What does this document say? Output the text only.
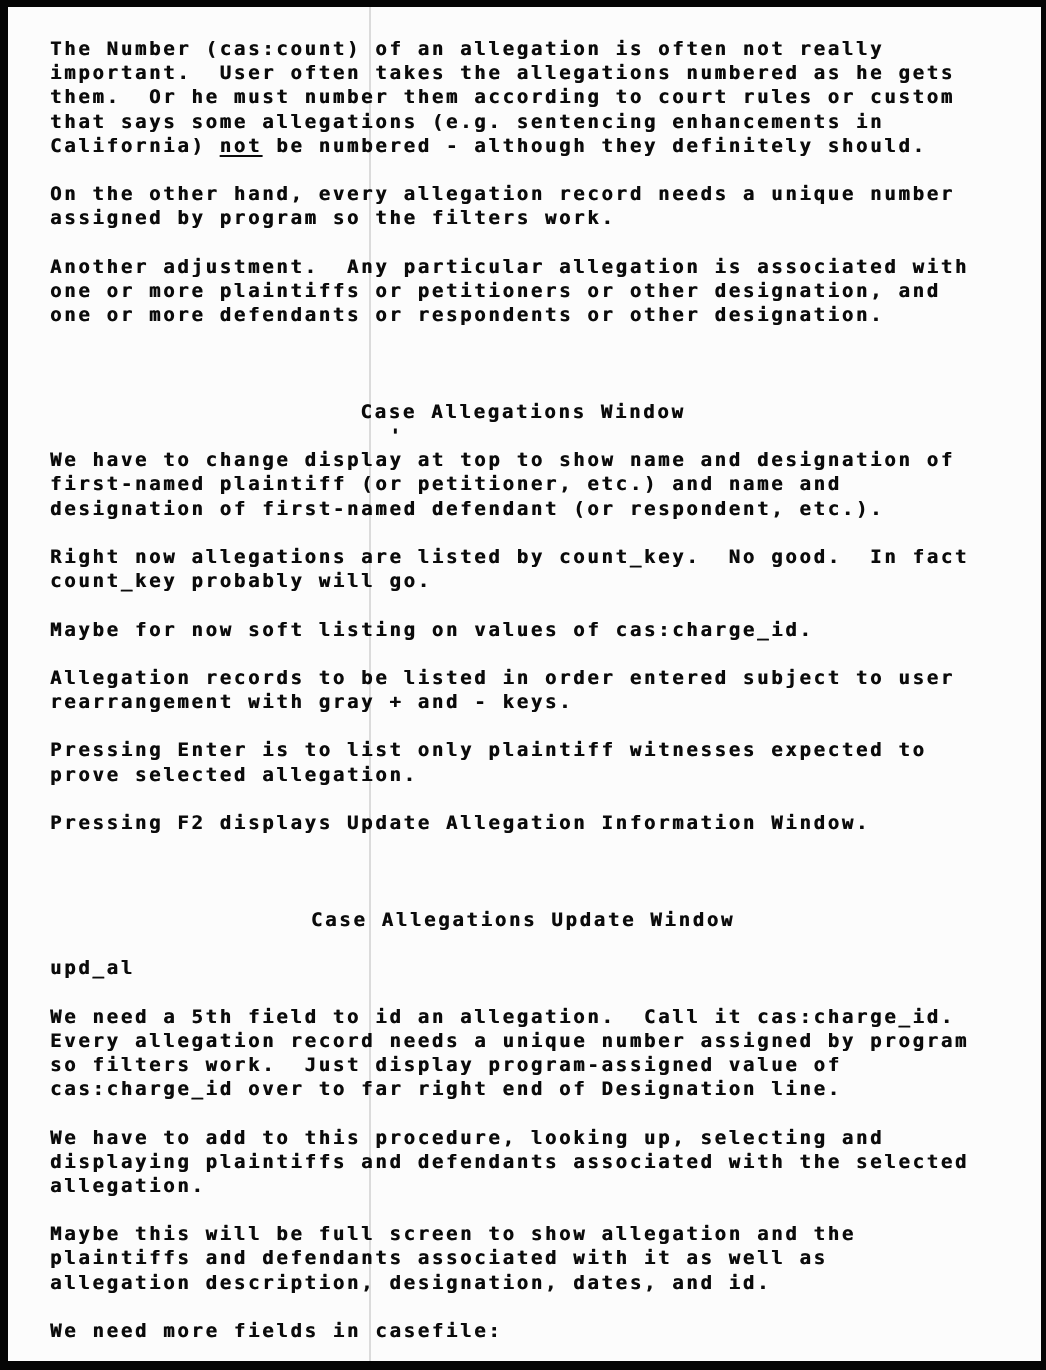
The Number (cas:count) of an allegation is often not really
important.  User often takes the allegations numbered as he gets
them.  Or he must number them according to court rules or custom
that says some allegations (e.g. sentencing enhancements in
California) not be numbered - although they definitely should.
On the other hand, every allegation record needs a unique number
assigned by program so the filters work.
Another adjustment.  Any particular allegation is associated with
one or more plaintiffs or petitioners or other designation, and
one or more defendants or respondents or other designation.
Case Allegations Window
'
We have to change display at top to show name and designation of
first-named plaintiff (or petitioner, etc.) and name and
designation of first-named defendant (or respondent, etc.).
Right now allegations are listed by count_key.  No good.  In fact
count_key probably will go.
Maybe for now soft listing on values of cas:charge_id.
Allegation records to be listed in order entered subject to user
rearrangement with gray + and - keys.
Pressing Enter is to list only plaintiff witnesses expected to
prove selected allegation.
Pressing F2 displays Update Allegation Information Window.
Case Allegations Update Window
upd_al
We need a 5th field to id an allegation.  Call it cas:charge_id.
Every allegation record needs a unique number assigned by program
so filters work.  Just display program-assigned value of
cas:charge_id over to far right end of Designation line.
We have to add to this procedure, looking up, selecting and
displaying plaintiffs and defendants associated with the selected
allegation.
Maybe this will be full screen to show allegation and the
plaintiffs and defendants associated with it as well as
allegation description, designation, dates, and id.
We need more fields in casefile:
